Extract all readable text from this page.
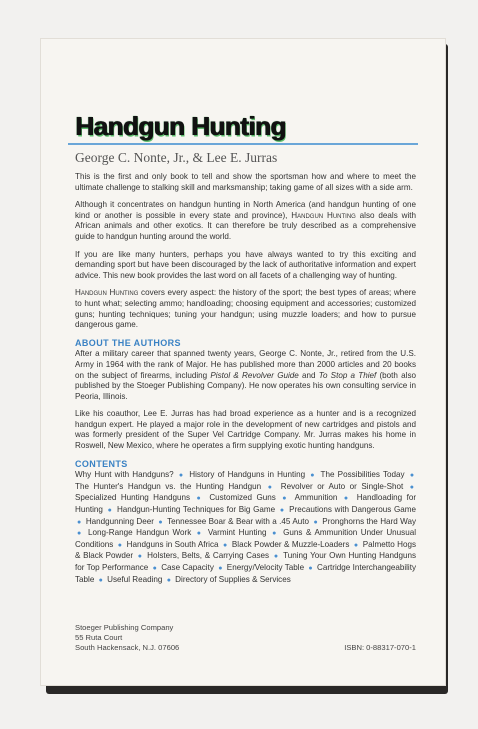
Handgun Hunting
George C. Nonte, Jr., & Lee E. Jurras

This is the first and only book to tell and show the sportsman how and where to meet the ultimate challenge to stalking skill and marksmanship; taking game of all sizes with a side arm.

Although it concentrates on handgun hunting in North America (and handgun hunting of one kind or another is possible in every state and province), Handgun Hunting also deals with African animals and other exotics. It can therefore be truly described as a comprehensive guide to handgun hunting around the world.

If you are like many hunters, perhaps you have always wanted to try this exciting and demanding sport but have been discouraged by the lack of authoritative information and expert advice. This new book provides the last word on all facets of a challenging way of hunting.

Handgun Hunting covers every aspect: the history of the sport; the best types of areas; where to hunt what; selecting ammo; handloading; choosing equipment and accessories; customized guns; hunting techniques; tuning your handgun; using muzzle loaders; and how to pursue dangerous game.

ABOUT THE AUTHORS

After a military career that spanned twenty years, George C. Nonte, Jr., retired from the U.S. Army in 1964 with the rank of Major. He has published more than 2000 articles and 20 books on the subject of firearms, including Pistol & Revolver Guide and To Stop a Thief (both also published by the Stoeger Publishing Company). He now operates his own consulting service in Peoria, Illinois.

Like his coauthor, Lee E. Jurras has had broad experience as a hunter and is a recognized handgun expert. He played a major role in the development of new cartridges and pistols and was formerly president of the Super Vel Cartridge Company. Mr. Jurras makes his home in Roswell, New Mexico, where he operates a firm supplying exotic hunting handguns.

CONTENTS

Why Hunt with Handguns? ● History of Handguns in Hunting ● The Possibilities Today ● The Hunter's Handgun vs. the Hunting Handgun ● Revolver or Auto or Single-Shot ● Specialized Hunting Handguns ● Customized Guns ● Ammunition ● Handloading for Hunting ● Handgun-Hunting Techniques for Big Game ● Precautions with Dangerous Game ● Handgunning Deer ● Tennessee Boar & Bear with a .45 Auto ● Pronghorns the Hard Way ● Long-Range Handgun Work ● Varmint Hunting ● Guns & Ammunition Under Unusual Conditions ● Handguns in South Africa ● Black Powder & Muzzle-Loaders ● Palmetto Hogs & Black Powder ● Holsters, Belts, & Carrying Cases ● Tuning Your Own Hunting Handguns for Top Performance ● Case Capacity ● Energy/Velocity Table ● Cartridge Interchangeability Table ● Useful Reading ● Directory of Supplies & Services

Stoeger Publishing Company
55 Ruta Court
South Hackensack, N.J. 07606	ISBN: 0-88317-070-1
